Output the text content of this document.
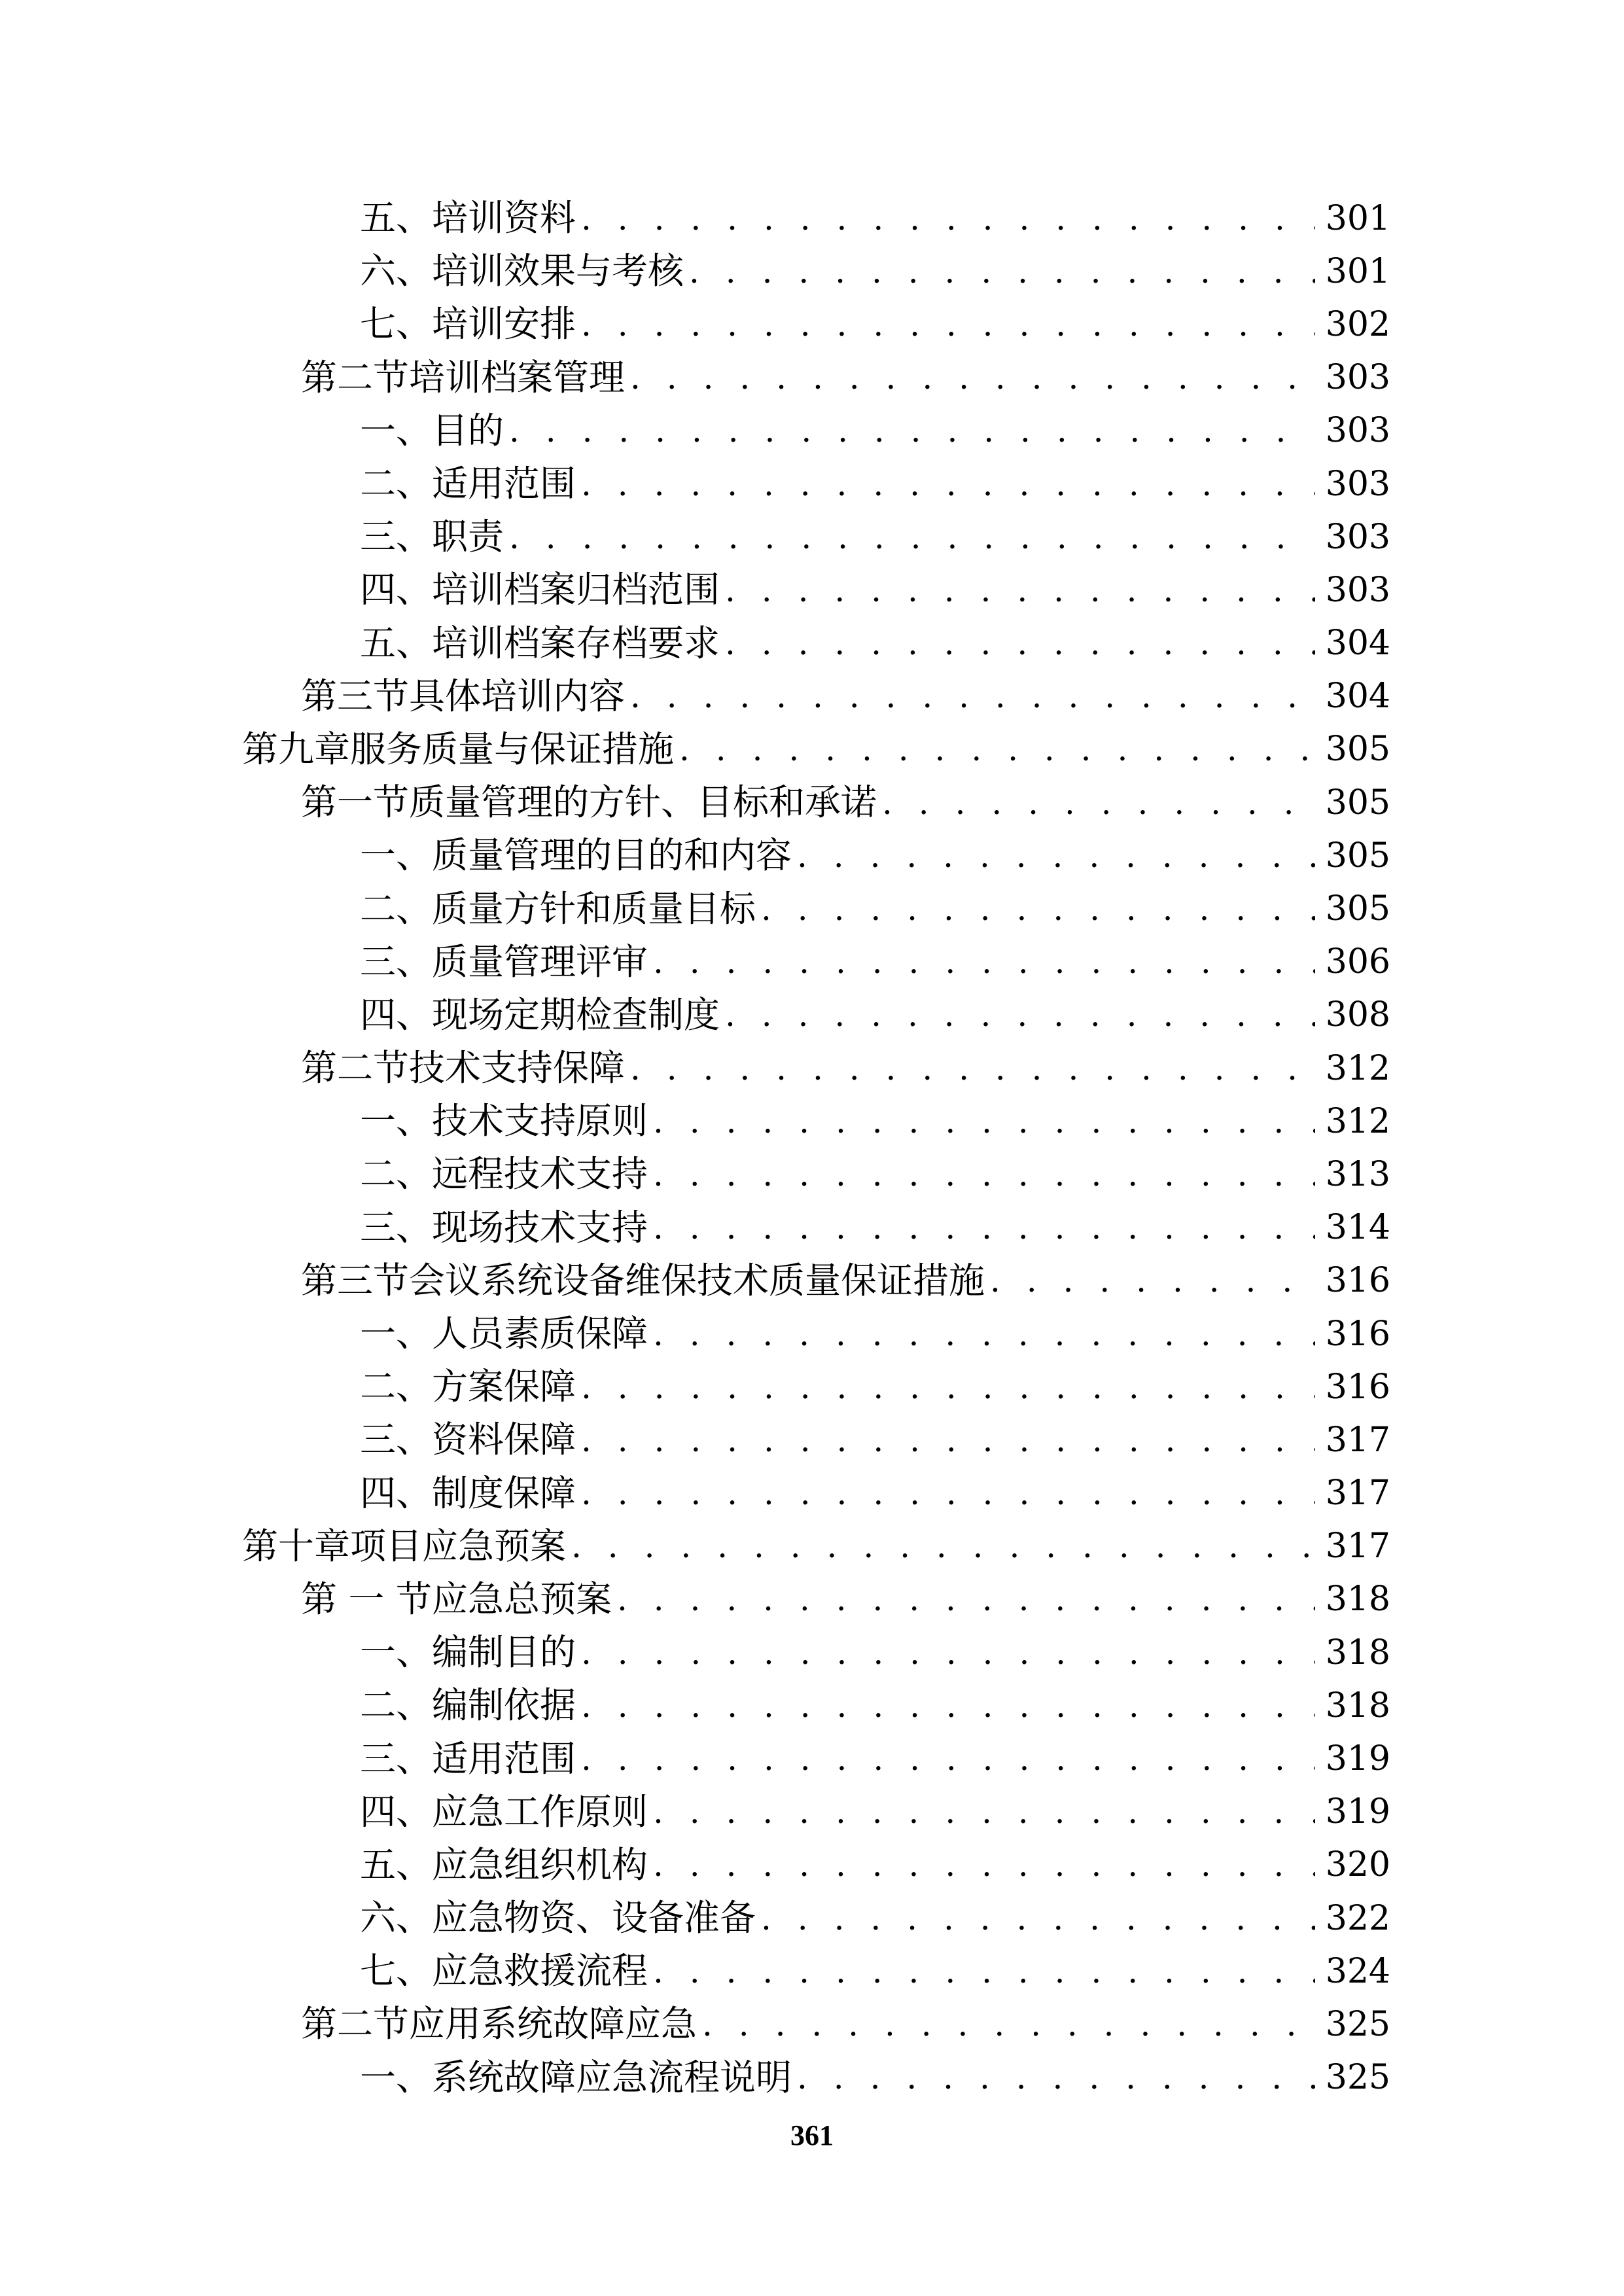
五、培训资料 . . .	301
六、培训效果与考核 . . .	301
七、培训安排 . . .	302
第二节培训档案管理 . . .	303
一、目的 . . .	303
二、适用范围 . . .	303
三、职责 . . .	303
四、培训档案归档范围 . . .	303
五、培训档案存档要求 . . .	304
第三节具体培训内容 . . .	304
第九章服务质量与保证措施 . . .	305
第一节质量管理的方针、目标和承诺 . . .	305
一、质量管理的目的和内容 . . .	305
二、质量方针和质量目标 . . .	305
三、质量管理评审 . . .	306
四、现场定期检查制度 . . .	308
第二节技术支持保障 . . .	312
一、技术支持原则 . . .	312
二、远程技术支持 . . .	313
三、现场技术支持 . . .	314
第三节会议系统设备维保技术质量保证措施 . . .	316
一、人员素质保障 . . .	316
二、方案保障 . . .	316
三、资料保障 . . .	317
四、制度保障 . . .	317
第十章项目应急预案 . . .	317
第 一 节应急总预案 . . .	318
一、编制目的 . . .	318
二、编制依据 . . .	318
三、适用范围 . . .	319
四、应急工作原则 . . .	319
五、应急组织机构 . . .	320
六、应急物资、设备准备 . . .	322
七、应急救援流程 . . .	324
第二节应用系统故障应急 . . .	325
一、系统故障应急流程说明 . . .	325
361
